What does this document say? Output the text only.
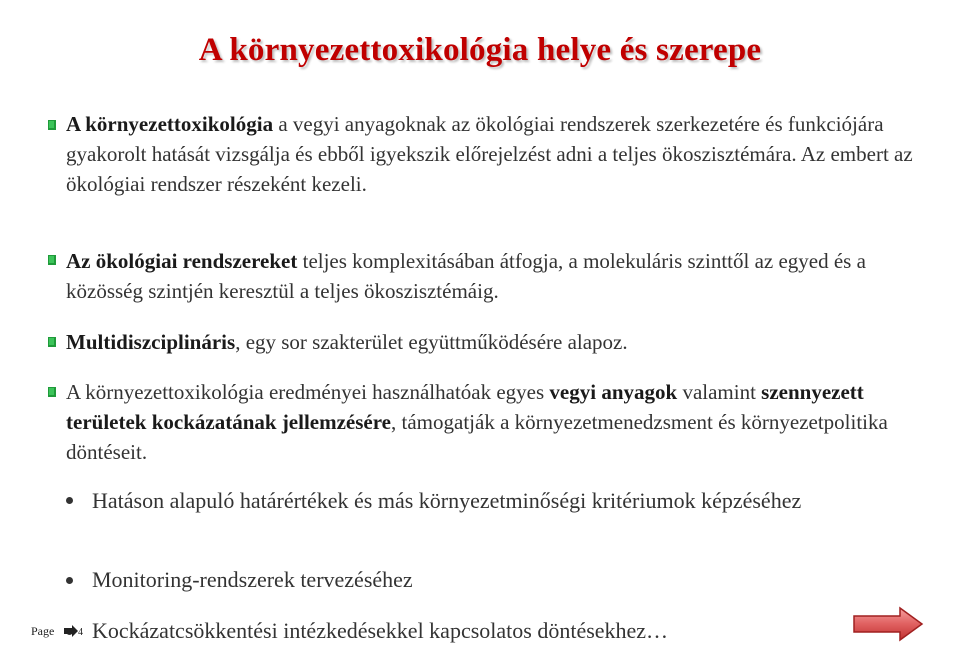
A környezettoxikológia helye és szerepe
A környezettoxikológia a vegyi anyagoknak az ökológiai rendszerek szerkezetére és funkciójára gyakorolt hatását vizsgálja és ebből igyekszik előrejelzést adni a teljes ökoszisztémára. Az embert az ökológiai rendszer részeként kezeli.
Az ökológiai rendszereket teljes komplexitásában átfogja, a molekuláris szinttől az egyed és a közösség szintjén keresztül a teljes ökoszisztémáig.
Multidiszciplináris, egy sor szakterület együttműködésére alapoz.
A környezettoxikológia eredményei használhatóak egyes vegyi anyagok valamint szennyezett területek kockázatának jellemzésére, támogatják a környezetmenedzsment és környezetpolitika döntéseit.
Hatáson alapuló határértékek és más környezetminőségi kritériumok képzéséhez
Monitoring-rendszerek tervezéséhez
Kockázatcsökkentési intézkedésekkel kapcsolatos döntésekhez…
Page 4
